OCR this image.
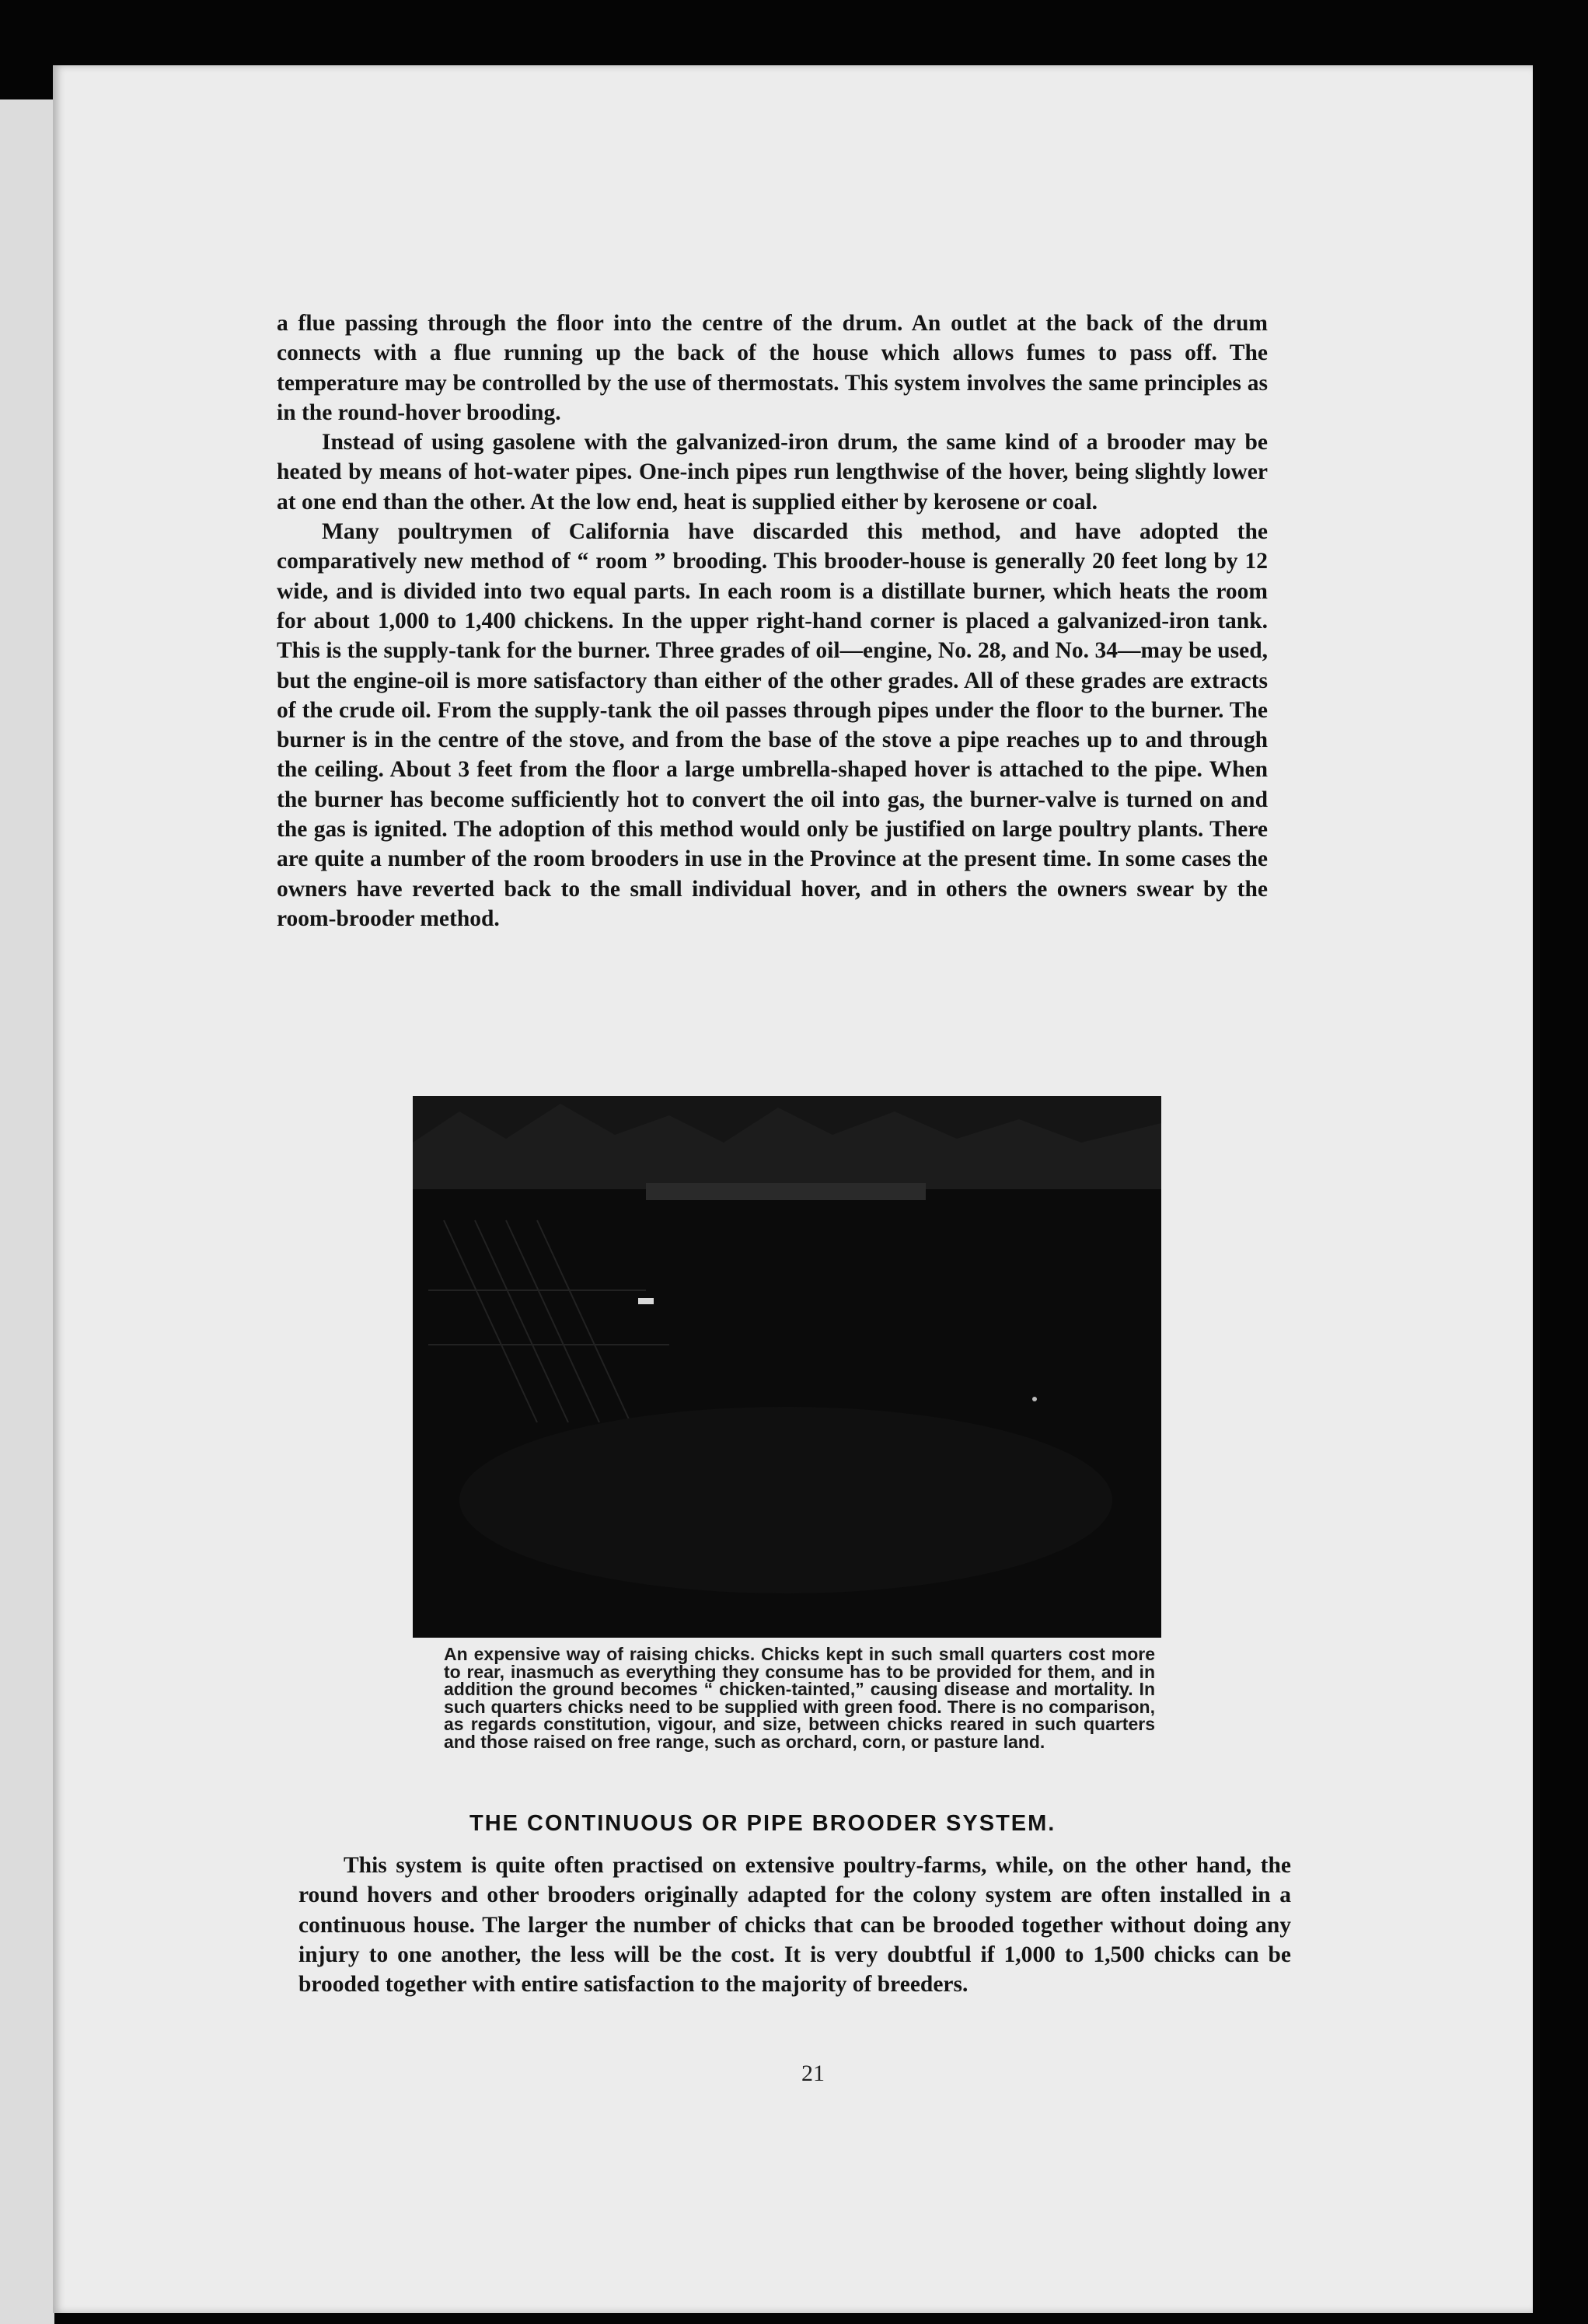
a flue passing through the floor into the centre of the drum. An outlet at the back of the drum connects with a flue running up the back of the house which allows fumes to pass off. The temperature may be controlled by the use of thermostats. This system involves the same principles as in the round-hover brooding.

Instead of using gasolene with the galvanized-iron drum, the same kind of a brooder may be heated by means of hot-water pipes. One-inch pipes run lengthwise of the hover, being slightly lower at one end than the other. At the low end, heat is supplied either by kerosene or coal.

Many poultrymen of California have discarded this method, and have adopted the comparatively new method of “ room ” brooding. This brooder-house is generally 20 feet long by 12 wide, and is divided into two equal parts. In each room is a distillate burner, which heats the room for about 1,000 to 1,400 chickens. In the upper right-hand corner is placed a galvanized-iron tank. This is the supply-tank for the burner. Three grades of oil—engine, No. 28, and No. 34—may be used, but the engine-oil is more satisfactory than either of the other grades. All of these grades are extracts of the crude oil. From the supply-tank the oil passes through pipes under the floor to the burner. The burner is in the centre of the stove, and from the base of the stove a pipe reaches up to and through the ceiling. About 3 feet from the floor a large umbrella-shaped hover is attached to the pipe. When the burner has become sufficiently hot to convert the oil into gas, the burner-valve is turned on and the gas is ignited. The adoption of this method would only be justified on large poultry plants. There are quite a number of the room brooders in use in the Province at the present time. In some cases the owners have reverted back to the small individual hover, and in others the owners swear by the room-brooder method.

An expensive way of raising chicks. Chicks kept in such small quarters cost more to rear, inasmuch as everything they consume has to be provided for them, and in addition the ground becomes “ chicken-tainted,” causing disease and mortality. In such quarters chicks need to be supplied with green food. There is no comparison, as regards constitution, vigour, and size, between chicks reared in such quarters and those raised on free range, such as orchard, corn, or pasture land.
THE CONTINUOUS OR PIPE BROODER SYSTEM.

This system is quite often practised on extensive poultry-farms, while, on the other hand, the round hovers and other brooders originally adapted for the colony system are often installed in a continuous house. The larger the number of chicks that can be brooded together without doing any injury to one another, the less will be the cost. It is very doubtful if 1,000 to 1,500 chicks can be brooded together with entire satisfaction to the majority of breeders.

21
